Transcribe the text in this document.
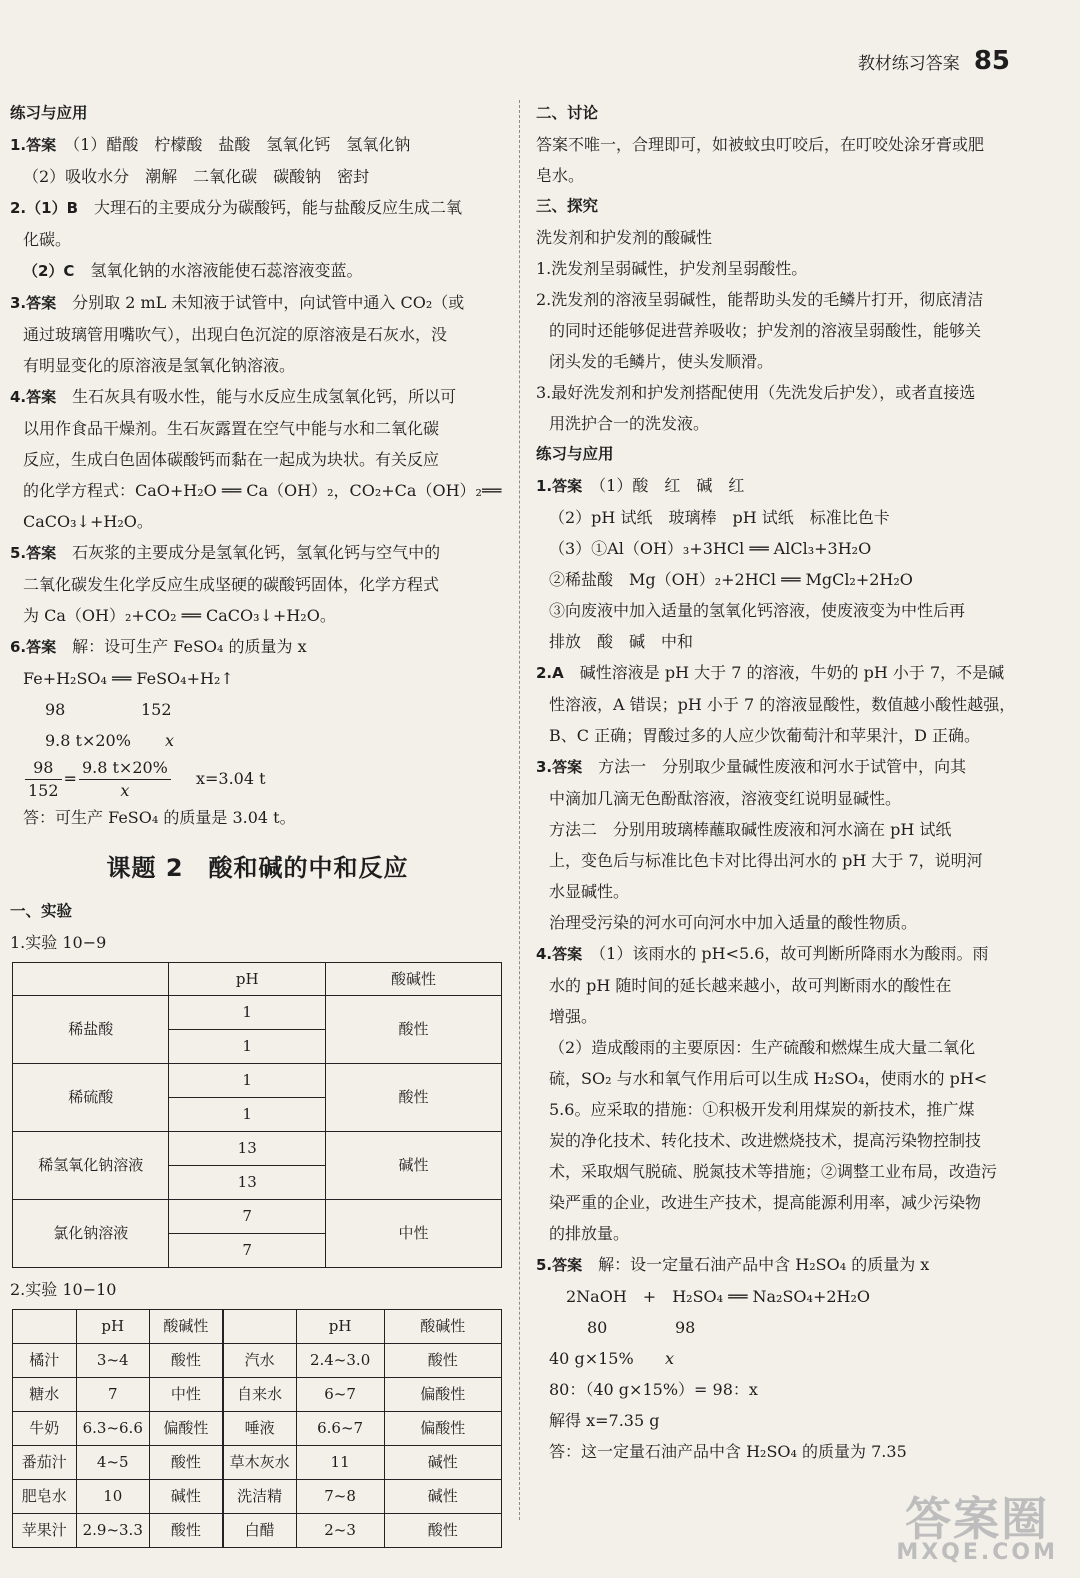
教材练习答案 85

练习与应用

1.答案　 （1）醋酸　柠檬酸　盐酸　氢氧化钙　氢氧化钠

（2）吸收水分　潮解　二氧化碳　碳酸钠　密封

2.（1）B　 大理石的主要成分为碳酸钙，能与盐酸反应生成二氧

化碳。

（2）C　 氢氧化钠的水溶液能使石蕊溶液变蓝。

3.答案　 分别取 2 mL 未知液于试管中，向试管中通入 CO₂（或

通过玻璃管用嘴吹气），出现白色沉淀的原溶液是石灰水，没

有明显变化的原溶液是氢氧化钠溶液。

4.答案　 生石灰具有吸水性，能与水反应生成氢氧化钙，所以可

以用作食品干燥剂。生石灰露置在空气中能与水和二氧化碳

反应，生成白色固体碳酸钙而黏在一起成为块状。有关反应

的化学方程式：CaO+H₂O ══ Ca（OH）₂，CO₂+Ca（OH）₂══

CaCO₃↓+H₂O。

5.答案　 石灰浆的主要成分是氢氧化钙，氢氧化钙与空气中的

二氧化碳发生化学反应生成坚硬的碳酸钙固体，化学方程式

为 Ca（OH）₂+CO₂ ══ CaCO₃↓+H₂O。

6.答案　 解：设可生产 FeSO₄ 的质量为 x

Fe+H₂SO₄ ══ FeSO₄+H₂↑

98	152

9.8 t×20% x

$\frac{98}{152} = \frac{9.8 t\times 20\%}{x} x=3.04$ t

答：可生产 FeSO₄ 的质量是 3.04 t。

课题 2　酸和碱的中和反应

一、实验

1.实验 10−9

	pH	酸碱性
稀盐酸	1	酸性
	1	
稀硫酸	1	酸性
	1	
稀氢氧化钠溶液	13	碱性
	13	
氯化钠溶液	7	中性
	7	

2.实验 10−10

	pH	酸碱性		pH	酸碱性
橘汁	3~4	酸性	汽水	2.4~3.0	酸性
糖水	7	中性	自来水	6~7	偏酸性
牛奶	6.3~6.6	偏酸性	唾液	6.6~7	偏酸性
番茄汁	4~5	酸性	草木灰水	11	碱性
肥皂水	10	碱性	洗洁精	7~8	碱性
苹果汁	2.9~3.3	酸性	白醋	2~3	酸性

二、讨论

答案不唯一，合理即可，如被蚊虫叮咬后，在叮咬处涂牙膏或肥

皂水。

三、探究

洗发剂和护发剂的酸碱性

1.洗发剂呈弱碱性，护发剂呈弱酸性。

2.洗发剂的溶液呈弱碱性，能帮助头发的毛鳞片打开，彻底清洁

的同时还能够促进营养吸收；护发剂的溶液呈弱酸性，能够关

闭头发的毛鳞片，使头发顺滑。

3.最好洗发剂和护发剂搭配使用（先洗发后护发），或者直接选

用洗护合一的洗发液。

练习与应用

1.答案　 （1）酸　红　碱　红

（2）pH 试纸　玻璃棒　pH 试纸　标准比色卡

（3）①Al（OH）₃+3HCl ══ AlCl₃+3H₂O

②稀盐酸　Mg（OH）₂+2HCl ══ MgCl₂+2H₂O

③向废液中加入适量的氢氧化钙溶液，使废液变为中性后再

排放　酸　碱　中和

2.A　 碱性溶液是 pH 大于 7 的溶液，牛奶的 pH 小于 7，不是碱

性溶液，A 错误；pH 小于 7 的溶液显酸性，数值越小酸性越强，

B、C 正确；胃酸过多的人应少饮葡萄汁和苹果汁，D 正确。

3.答案　 方法一　分别取少量碱性废液和河水于试管中，向其

中滴加几滴无色酚酞溶液，溶液变红说明显碱性。

方法二　分别用玻璃棒蘸取碱性废液和河水滴在 pH 试纸

上，变色后与标准比色卡对比得出河水的 pH 大于 7，说明河

水显碱性。

治理受污染的河水可向河水中加入适量的酸性物质。

4.答案　 （1）该雨水的 pH<5.6，故可判断所降雨水为酸雨。雨

水的 pH 随时间的延长越来越小，故可判断雨水的酸性在

增强。

（2）造成酸雨的主要原因：生产硫酸和燃煤生成大量二氧化

硫，SO₂ 与水和氧气作用后可以生成 H₂SO₄，使雨水的 pH<

5.6。应采取的措施：①积极开发利用煤炭的新技术，推广煤

炭的净化技术、转化技术、改进燃烧技术，提高污染物控制技

术，采取烟气脱硫、脱氮技术等措施；②调整工业布局，改造污

染严重的企业，改进生产技术，提高能源利用率，减少污染物

的排放量。

5.答案　 解：设一定量石油产品中含 H₂SO₄ 的质量为 x

2NaOH　+　H₂SO₄ ══ Na₂SO₄+2H₂O

80	98

40 g×15% x

80：（40 g×15%）= 98：x

解得 x=7.35 g

答：这一定量石油产品中含 H₂SO₄ 的质量为 7.35

答案圈
MXQE.COM
